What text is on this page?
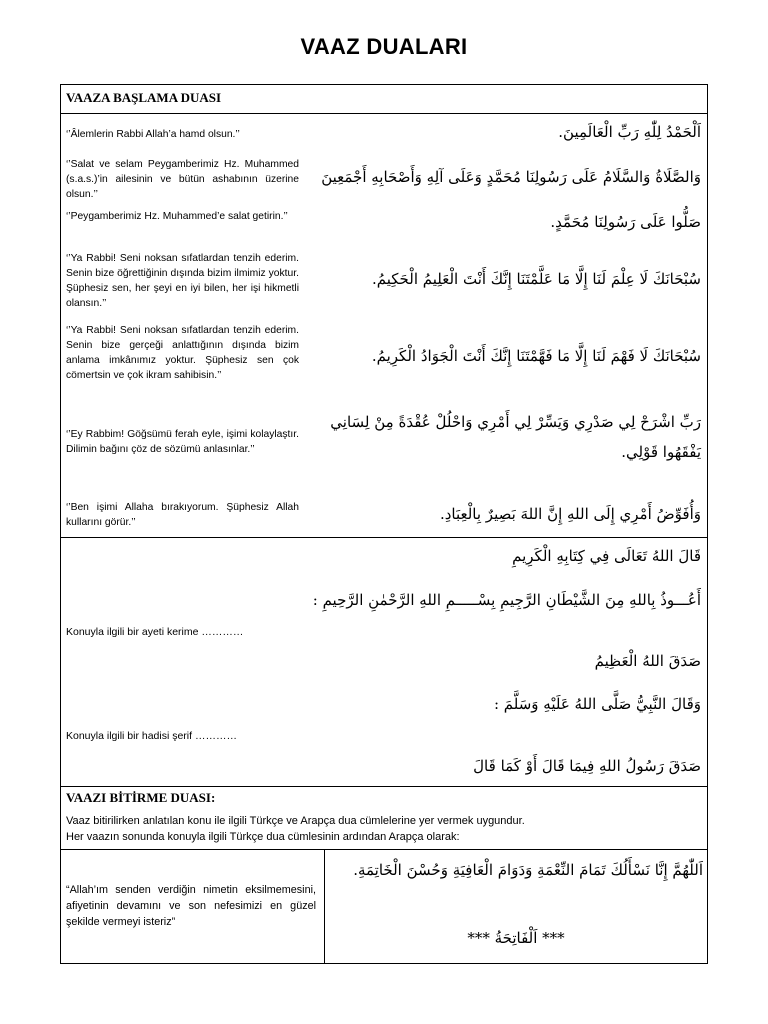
VAAZ DUALARI
VAAZA BAŞLAMA DUASI
‘’Âlemlerin Rabbi Allah’a hamd olsun.’’	اَلْحَمْدُ لِلّٰهِ رَبِّ الْعَالَمِينَ.
‘’Salat ve selam Peygamberimiz Hz. Muhammed (s.a.s.)’in ailesinin ve bütün ashabının üzerine olsun.’’
وَالصَّلَاةُ وَالسَّلَامُ عَلَى رَسُولِنَا مُحَمَّدٍ وَعَلَى آلِهِ وَأَصْحَابِهِ أَجْمَعِينَ
‘’Peygamberimiz Hz. Muhammed’e salat getirin.’’	صَلُّوا عَلَى رَسُولِنَا مُحَمَّدٍ.
‘’Ya Rabbi! Seni noksan sıfatlardan tenzih ederim. Senin bize öğrettiğinin dışında bizim ilmimiz yoktur. Şüphesiz sen, her şeyi en iyi bilen, her işi hikmetli olansın.’’
سُبْحَانَكَ لَا عِلْمَ لَنَا إِلَّا مَا عَلَّمْتَنَا إِنَّكَ أَنْتَ الْعَلِيمُ الْحَكِيمُ.
‘’Ya Rabbi! Seni noksan sıfatlardan tenzih ederim. Senin bize gerçeği anlattığının dışında bizim anlama imkânımız yoktur. Şüphesiz sen çok cömertsin ve çok ikram sahibisin.’’
سُبْحَانَكَ لَا فَهْمَ لَنَا إِلَّا مَا فَهَّمْتَنَا إِنَّكَ أَنْتَ الْجَوَادُ الْكَرِيمُ.
‘’Ey Rabbim! Göğsümü ferah eyle, işimi kolaylaştır. Dilimin bağını çöz de sözümü anlasınlar.’’
رَبِّ اشْرَحْ لِي صَدْرِي وَيَسِّرْ لِي أَمْرِي وَاحْلُلْ عُقْدَةً مِنْ لِسَانِي يَفْقَهُوا قَوْلِي.
‘’Ben işimi Allaha bırakıyorum. Şüphesiz Allah kullarını görür.’’	وَأُفَوِّضُ أَمْرِي إِلَى اللهِ إِنَّ اللهَ بَصِيرٌ بِالْعِبَادِ.
قَالَ اللهُ تَعَالَى فِي كِتَابِهِ الْكَرِيمِ
أَعُـــوذُ بِاللهِ مِنَ الشَّيْطَانِ الرَّجِيمِ بِسْـــــمِ اللهِ الرَّحْمٰنِ الرَّحِيمِ :
Konuyla ilgili bir ayeti kerime …………
صَدَقَ اللهُ الْعَظِيمُ
وَقَالَ النَّبِيُّ صَلَّى اللهُ عَلَيْهِ وَسَلَّمَ :
Konuyla ilgili bir hadisi şerif …………
صَدَقَ رَسُولُ اللهِ فِيمَا قَالَ أَوْ كَمَا قَالَ
VAAZI BİTİRME DUASI:
Vaaz bitirilirken anlatılan konu ile ilgili Türkçe ve Arapça dua cümlelerine yer vermek uygundur.
Her vaazın sonunda konuyla ilgili Türkçe dua cümlesinin ardından Arapça olarak:
“Allah’ım senden verdiğin nimetin eksilmemesini, afiyetinin devamını ve son nefesimizi en güzel şekilde vermeyi isteriz”
اَللّٰهُمَّ إِنَّا نَسْأَلُكَ تَمَامَ النِّعْمَةِ وَدَوَامَ الْعَافِيَةِ وَحُسْنَ الْخَاتِمَةِ.
*** اَلْفَاتِحَةُ ***
